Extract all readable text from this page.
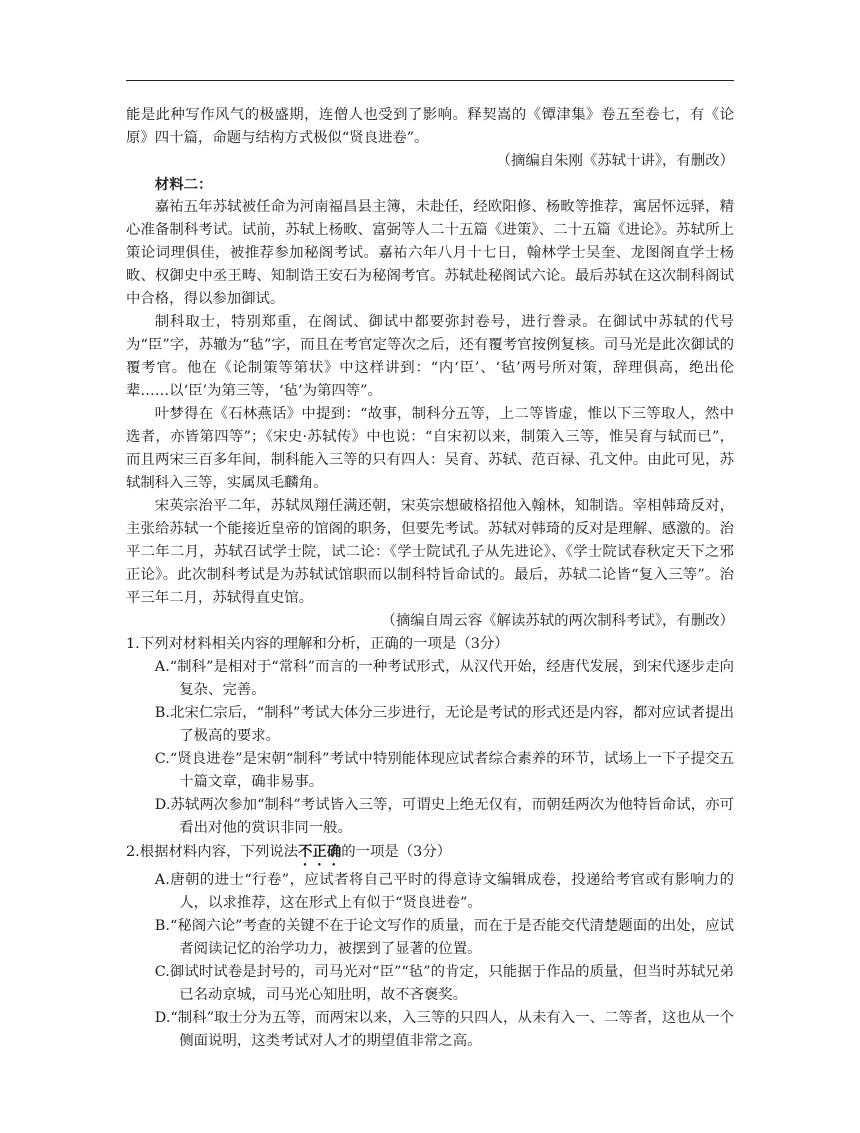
能是此种写作风气的极盛期，连僧人也受到了影响。释契嵩的《镡津集》卷五至卷七，有《论原》四十篇，命题与结构方式极似“贤良进卷”。

（摘编自朱刚《苏轼十讲》，有删改）

材料二：

嘉祐五年苏轼被任命为河南福昌县主簿，未赴任，经欧阳修、杨畋等推荐，寓居怀远驿，精心准备制科考试。试前，苏轼上杨畋、富弼等人二十五篇《进策》、二十五篇《进论》。苏轼所上策论词理俱佳，被推荐参加秘阁考试。嘉祐六年八月十七日，翰林学士吴奎、龙图阁直学士杨畋、权御史中丞王畴、知制诰王安石为秘阁考官。苏轼赴秘阁试六论。最后苏轼在这次制科阁试中合格，得以参加御试。

制科取士，特别郑重，在阁试、御试中都要弥封卷号，进行誊录。在御试中苏轼的代号为“臣”字，苏辙为“毡”字，而且在考官定等次之后，还有覆考官按例复核。司马光是此次御试的覆考官。他在《论制策等第状》中这样讲到：“内‘臣’、‘毡’两号所对策，辞理俱高，绝出伦辈……以‘臣’为第三等，‘毡’为第四等”。

叶梦得在《石林燕话》中提到：“故事，制科分五等，上二等皆虚，惟以下三等取人，然中选者，亦皆第四等”；《宋史·苏轼传》中也说：“自宋初以来，制策入三等，惟吴育与轼而已”，而且两宋三百多年间，制科能入三等的只有四人：吴育、苏轼、范百禄、孔文仲。由此可见，苏轼制科入三等，实属凤毛麟角。

宋英宗治平二年，苏轼凤翔任满还朝，宋英宗想破格招他入翰林，知制诰。宰相韩琦反对，主张给苏轼一个能接近皇帝的馆阁的职务，但要先考试。苏轼对韩琦的反对是理解、感激的。治平二年二月，苏轼召试学士院，试二论：《学士院试孔子从先进论》、《学士院试春秋定天下之邪正论》。此次制科考试是为苏轼试馆职而以制科特旨命试的。最后，苏轼二论皆“复入三等”。治平三年二月，苏轼得直史馆。

（摘编自周云容《解读苏轼的两次制科考试》，有删改）

1.下列对材料相关内容的理解和分析，正确的一项是（3分）

A.“制科”是相对于“常科”而言的一种考试形式，从汉代开始，经唐代发展，到宋代逐步走向复杂、完善。

B.北宋仁宗后，“制科”考试大体分三步进行，无论是考试的形式还是内容，都对应试者提出了极高的要求。

C.“贤良进卷”是宋朝“制科”考试中特别能体现应试者综合素养的环节，试场上一下子提交五十篇文章，确非易事。

D.苏轼两次参加“制科”考试皆入三等，可谓史上绝无仅有，而朝廷两次为他特旨命试，亦可看出对他的赏识非同一般。

2.根据材料内容，下列说法不正确的一项是（3分）

A.唐朝的进士“行卷”，应试者将自己平时的得意诗文编辑成卷，投递给考官或有影响力的人，以求推荐，这在形式上有似于“贤良进卷”。

B.“秘阁六论”考查的关键不在于论文写作的质量，而在于是否能交代清楚题面的出处，应试者阅读记忆的治学功力，被摆到了显著的位置。

C.御试时试卷是封号的，司马光对“臣”“毡”的肯定，只能据于作品的质量，但当时苏轼兄弟已名动京城，司马光心知肚明，故不吝褒奖。

D.“制科”取士分为五等，而两宋以来，入三等的只四人，从未有入一、二等者，这也从一个侧面说明，这类考试对人才的期望值非常之高。
